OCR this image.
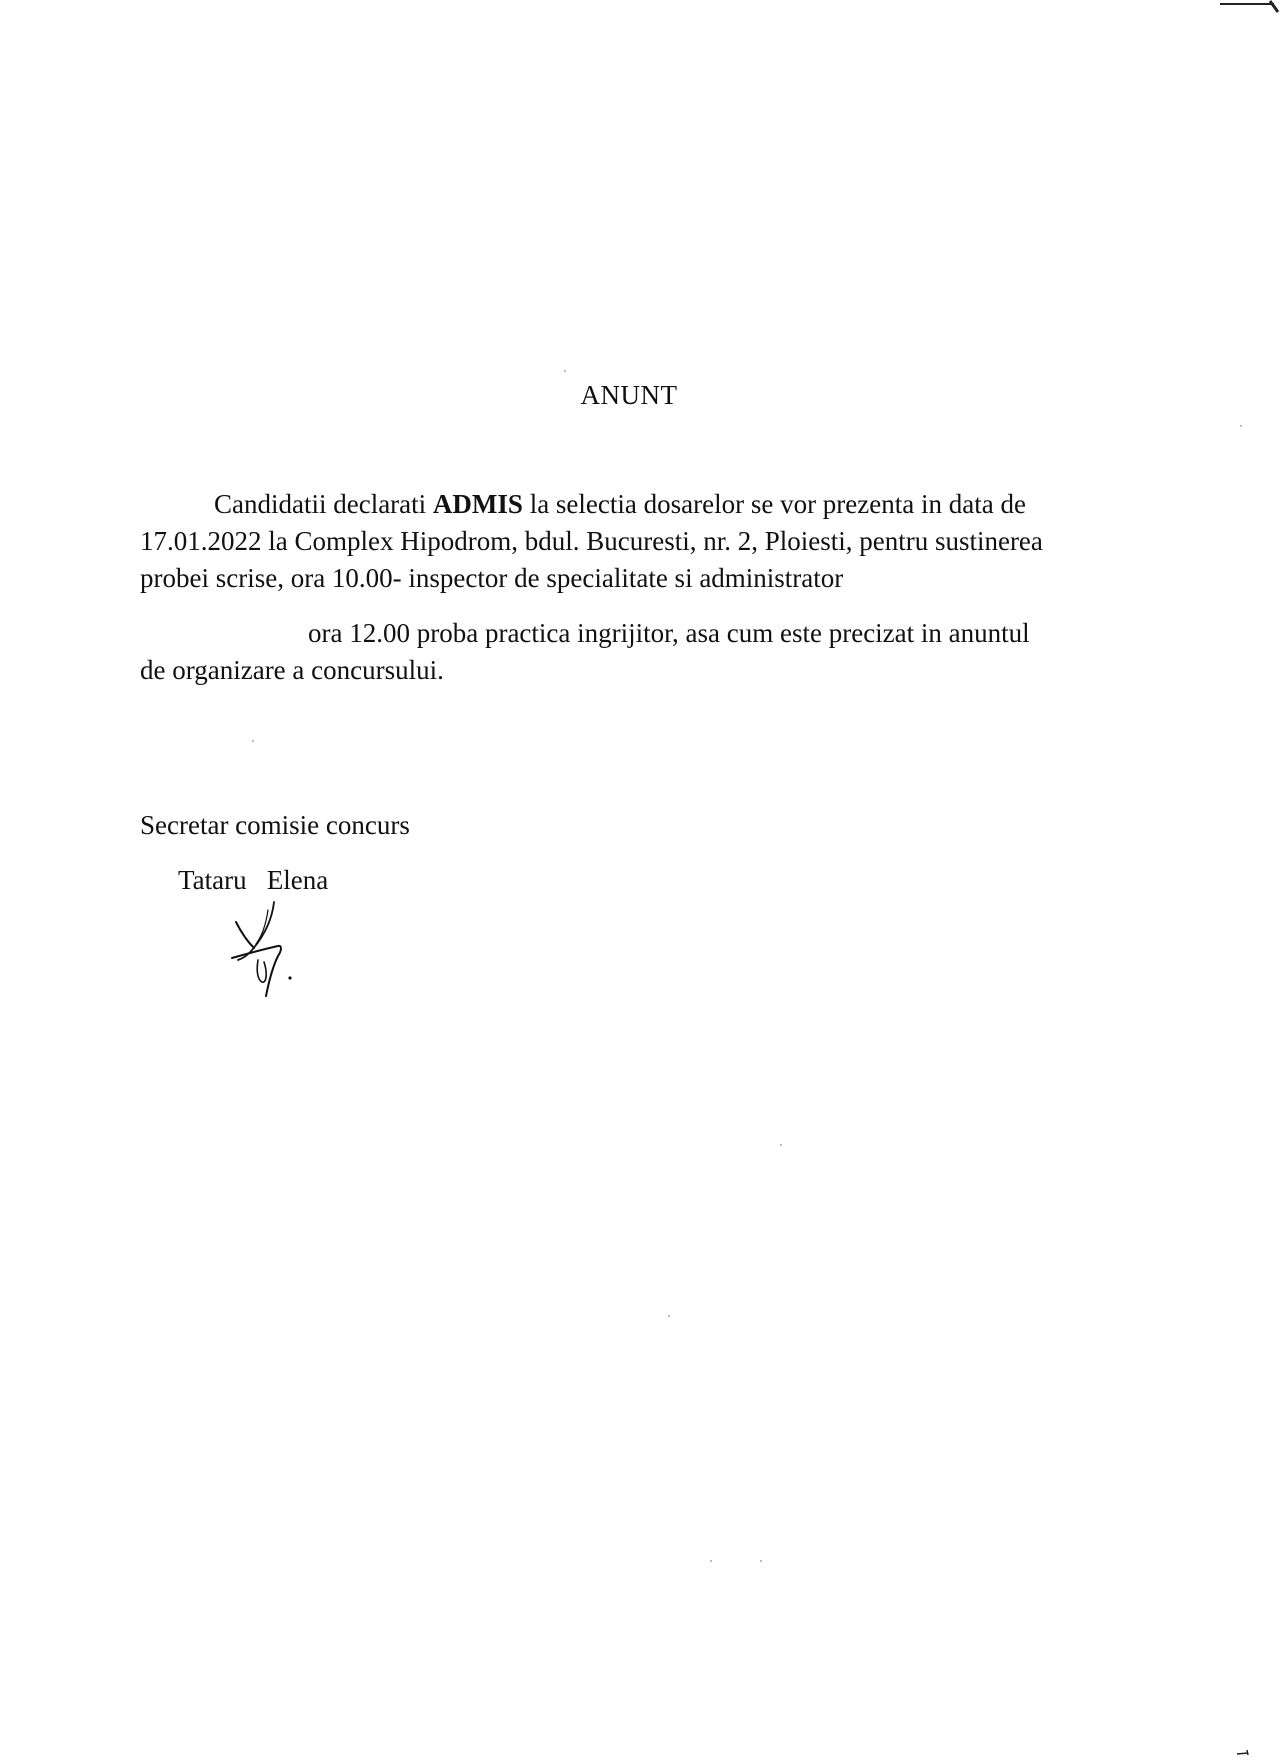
ANUNT
Candidatii declarati ADMIS la selectia dosarelor se vor prezenta in data de
17.01.2022 la Complex Hipodrom, bdul. Bucuresti, nr. 2, Ploiesti, pentru sustinerea
probei scrise, ora 10.00- inspector de specialitate si administrator
ora 12.00 proba practica ingrijitor, asa cum este precizat in anuntul
de organizare a concursului.
Secretar comisie concurs
Tataru   Elena
